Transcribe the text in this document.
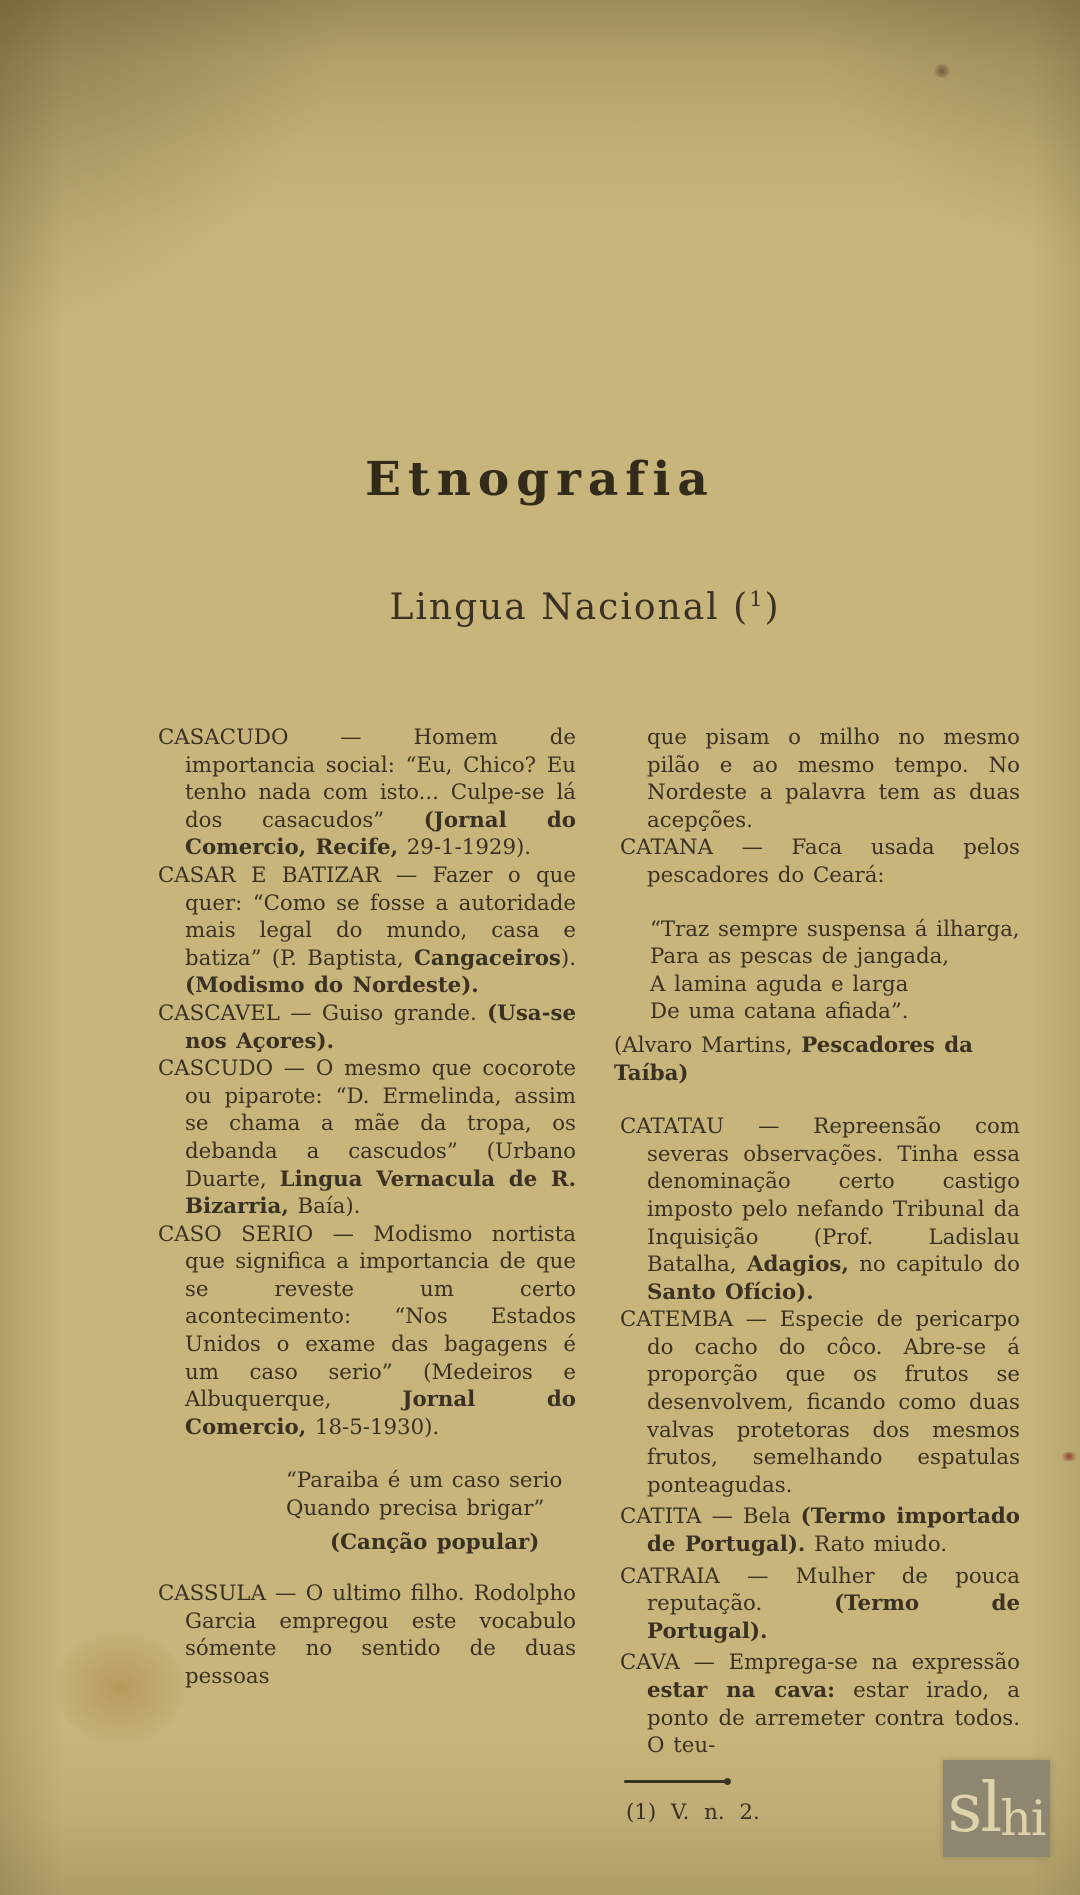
Etnografia
Lingua Nacional ($^1$)

CASACUDO — Homem de importancia social: “Eu, Chico? Eu tenho nada com isto... Culpe-se lá dos casacudos” (Jornal do Comercio, Recife, 29-1-1929).

CASAR E BATIZAR — Fazer o que quer: “Como se fosse a autoridade mais legal do mundo, casa e batiza” (P. Baptista, Cangaceiros). (Modismo do Nordeste).

CASCAVEL — Guiso grande. (Usa-se nos Açores).

CASCUDO — O mesmo que cocorote ou piparote: “D. Ermelinda, assim se chama a mãe da tropa, os debanda a cascudos” (Urbano Duarte, Lingua Vernacula de R. Bizarria, Baía).

CASO SERIO — Modismo nortista que significa a importancia de que se reveste um certo acontecimento: “Nos Estados Unidos o exame das bagagens é um caso serio” (Medeiros e Albuquerque, Jornal do Comercio, 18-5-1930).

“Paraiba é um caso serio
Quando precisa brigar”
(Canção popular)

CASSULA — O ultimo filho. Rodolpho Garcia empregou este vocabulo sómente no sentido de duas pessoas

que pisam o milho no mesmo pilão e ao mesmo tempo. No Nordeste a palavra tem as duas acepções.

CATANA — Faca usada pelos pescadores do Ceará:

“Traz sempre suspensa á ilharga,
Para as pescas de jangada,
A lamina aguda e larga
De uma catana afiada”.
(Alvaro Martins, Pescadores da Taíba)

CATATAU — Repreensão com severas observações. Tinha essa denominação certo castigo imposto pelo nefando Tribunal da Inquisição (Prof. Ladislau Batalha, Adagios, no capitulo do Santo Ofício).

CATEMBA — Especie de pericarpo do cacho do côco. Abre-se á proporção que os frutos se desenvolvem, ficando como duas valvas protetoras dos mesmos frutos, semelhando espatulas ponteagudas.

CATITA — Bela (Termo importado de Portugal). Rato miudo.

CATRAIA — Mulher de pouca reputação. (Termo de Portugal).

CAVA — Emprega-se na expressão estar na cava: estar irado, a ponto de arremeter contra todos. O teu-

(1) V. n. 2.	sl hi
